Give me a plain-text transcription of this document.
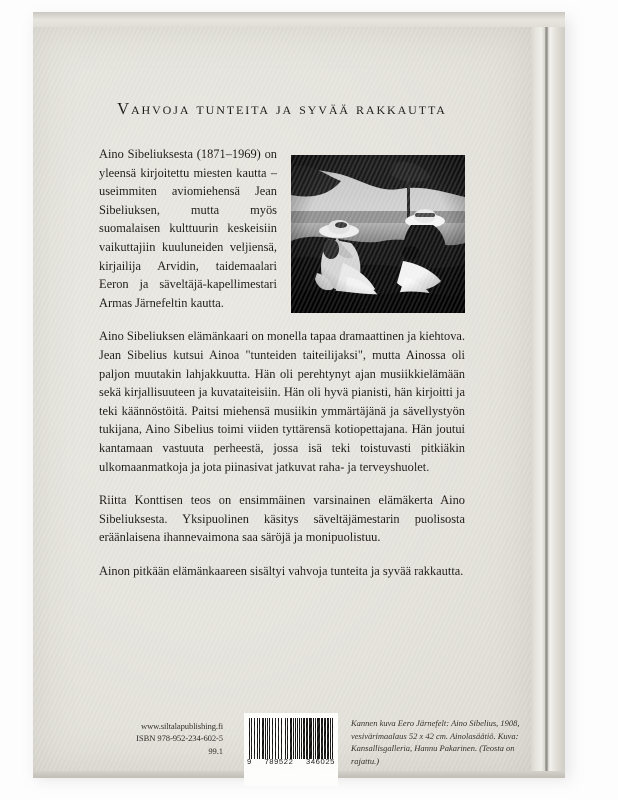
Vahvoja tunteita ja syvää rakkautta

Aino Sibeliuksesta (1871–1969) on yleensä kirjoitettu miesten kautta – useimmiten aviomiehensä Jean Sibeliuksen, mutta myös suomalaisen kulttuurin keskeisiin vaikuttajiin kuuluneiden veljiensä, kirjailija Arvidin, taidemaalari Eeron ja säveltäjä-kapellimestari Armas Järnefeltin kautta.

Aino Sibeliuksen elämänkaari on monella tapaa dramaattinen ja kiehtova. Jean Sibelius kutsui Ainoa "tunteiden taiteilijaksi", mutta Ainossa oli paljon muutakin lahjakkuutta. Hän oli perehtynyt ajan musiikkielämään sekä kirjallisuuteen ja kuvataiteisiin. Hän oli hyvä pianisti, hän kirjoitti ja teki käännöstöitä. Paitsi miehensä musiikin ymmärtäjänä ja sävellystyön tukijana, Aino Sibelius toimi viiden tyttärensä kotiopettajana. Hän joutui kantamaan vastuuta perheestä, jossa isä teki toistuvasti pitkiäkin ulkomaanmatkoja ja jota piinasivat jatkuvat raha- ja terveyshuolet.

Riitta Konttisen teos on ensimmäinen varsinainen elämäkerta Aino Sibeliuksesta. Yksipuolinen käsitys säveltäjämestarin puolisosta eräänlaisena ihannevaimona saa säröjä ja monipuolistuu.

Ainon pitkään elämänkaareen sisältyi vahvoja tunteita ja syvää rakkautta.

www.siltalapublishing.fi
ISBN 978-952-234-602-5
99.1
9 789522 346025
Kannen kuva Eero Järnefelt: Aino Sibelius, 1908, vesivärimaalaus 52 x 42 cm. Ainolasäätiö. Kuva: Kansallisgalleria, Hannu Pakarinen. (Teosta on rajattu.)
